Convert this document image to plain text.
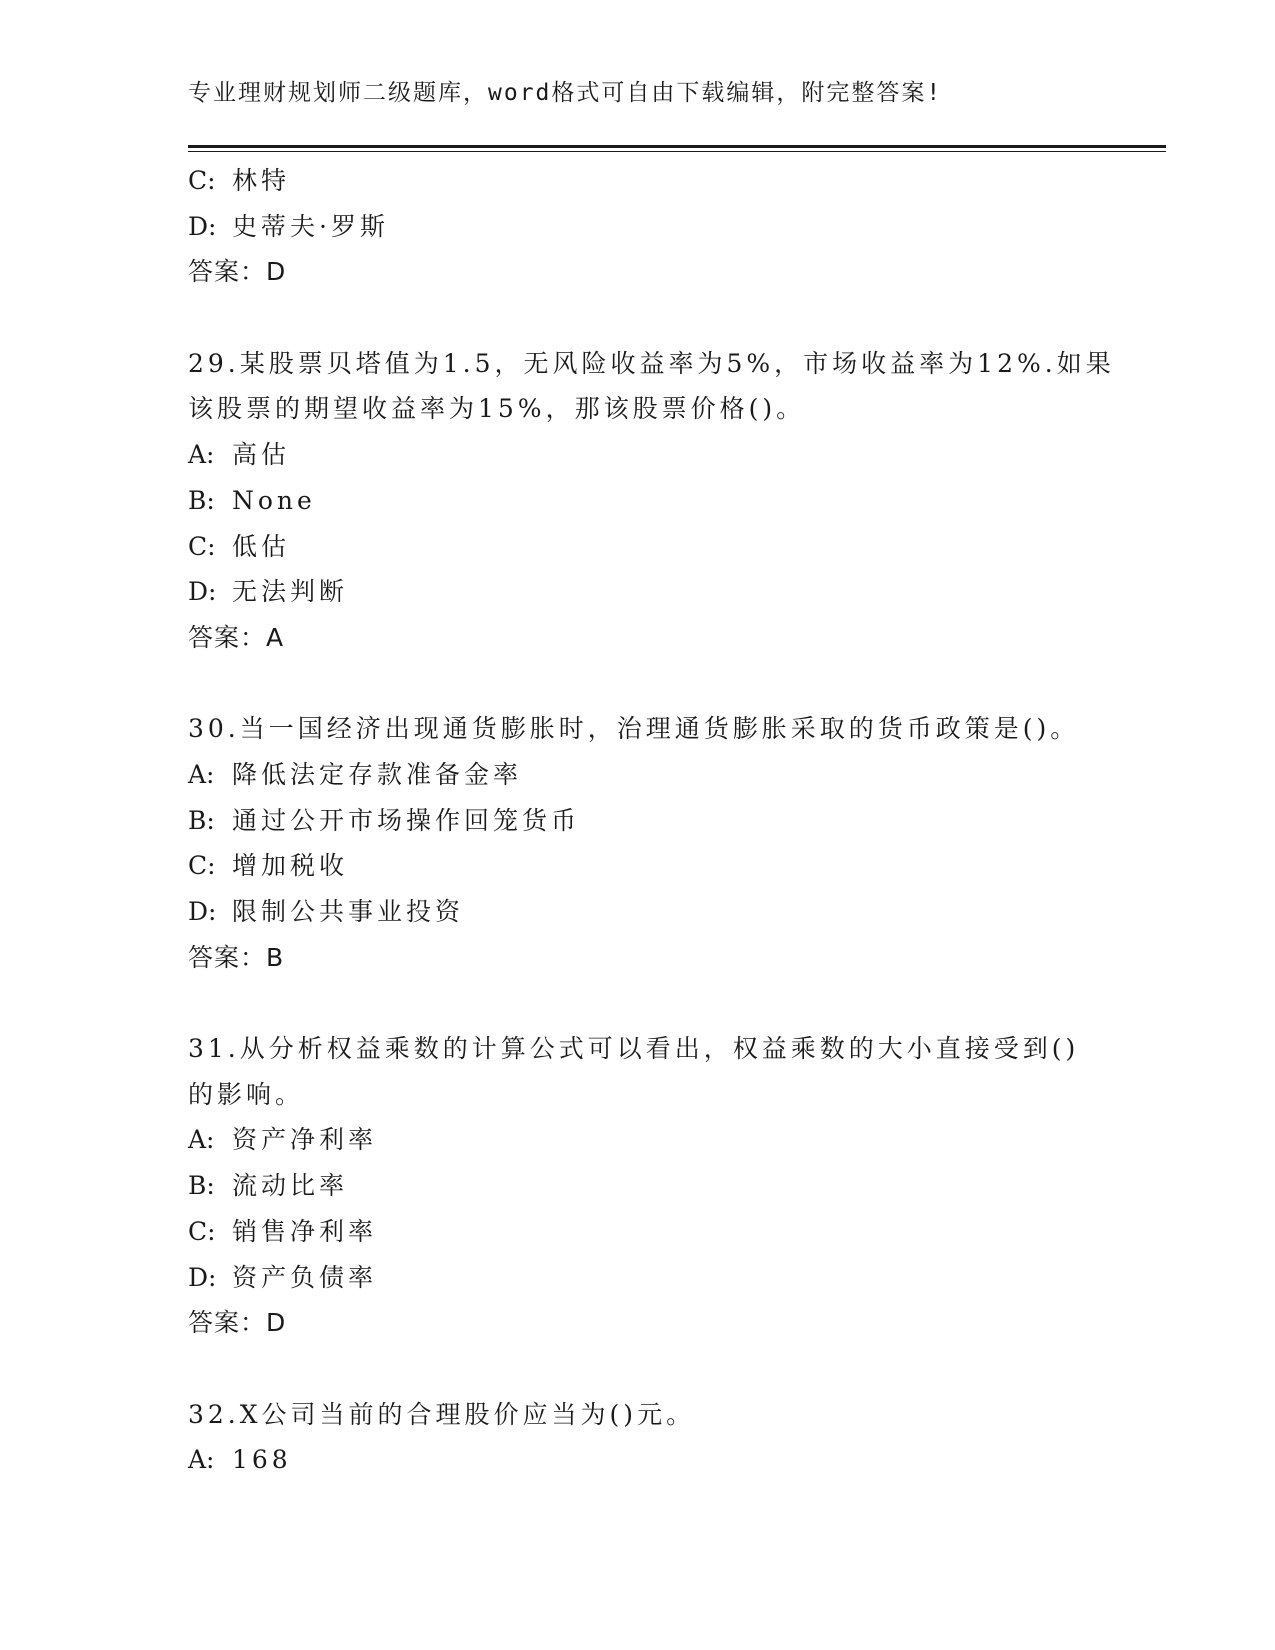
专业理财规划师二级题库，word格式可自由下载编辑，附完整答案!
C: 林特
D: 史蒂夫·罗斯
答案：D
29.某股票贝塔值为1.5，无风险收益率为5%，市场收益率为12%.如果
该股票的期望收益率为15%，那该股票价格()。
A: 高估
B: None
C: 低估
D: 无法判断
答案：A
30.当一国经济出现通货膨胀时，治理通货膨胀采取的货币政策是()。
A: 降低法定存款准备金率
B: 通过公开市场操作回笼货币
C: 增加税收
D: 限制公共事业投资
答案：B
31.从分析权益乘数的计算公式可以看出，权益乘数的大小直接受到()
的影响。
A: 资产净利率
B: 流动比率
C: 销售净利率
D: 资产负债率
答案：D
32.X公司当前的合理股价应当为()元。
A: 168
